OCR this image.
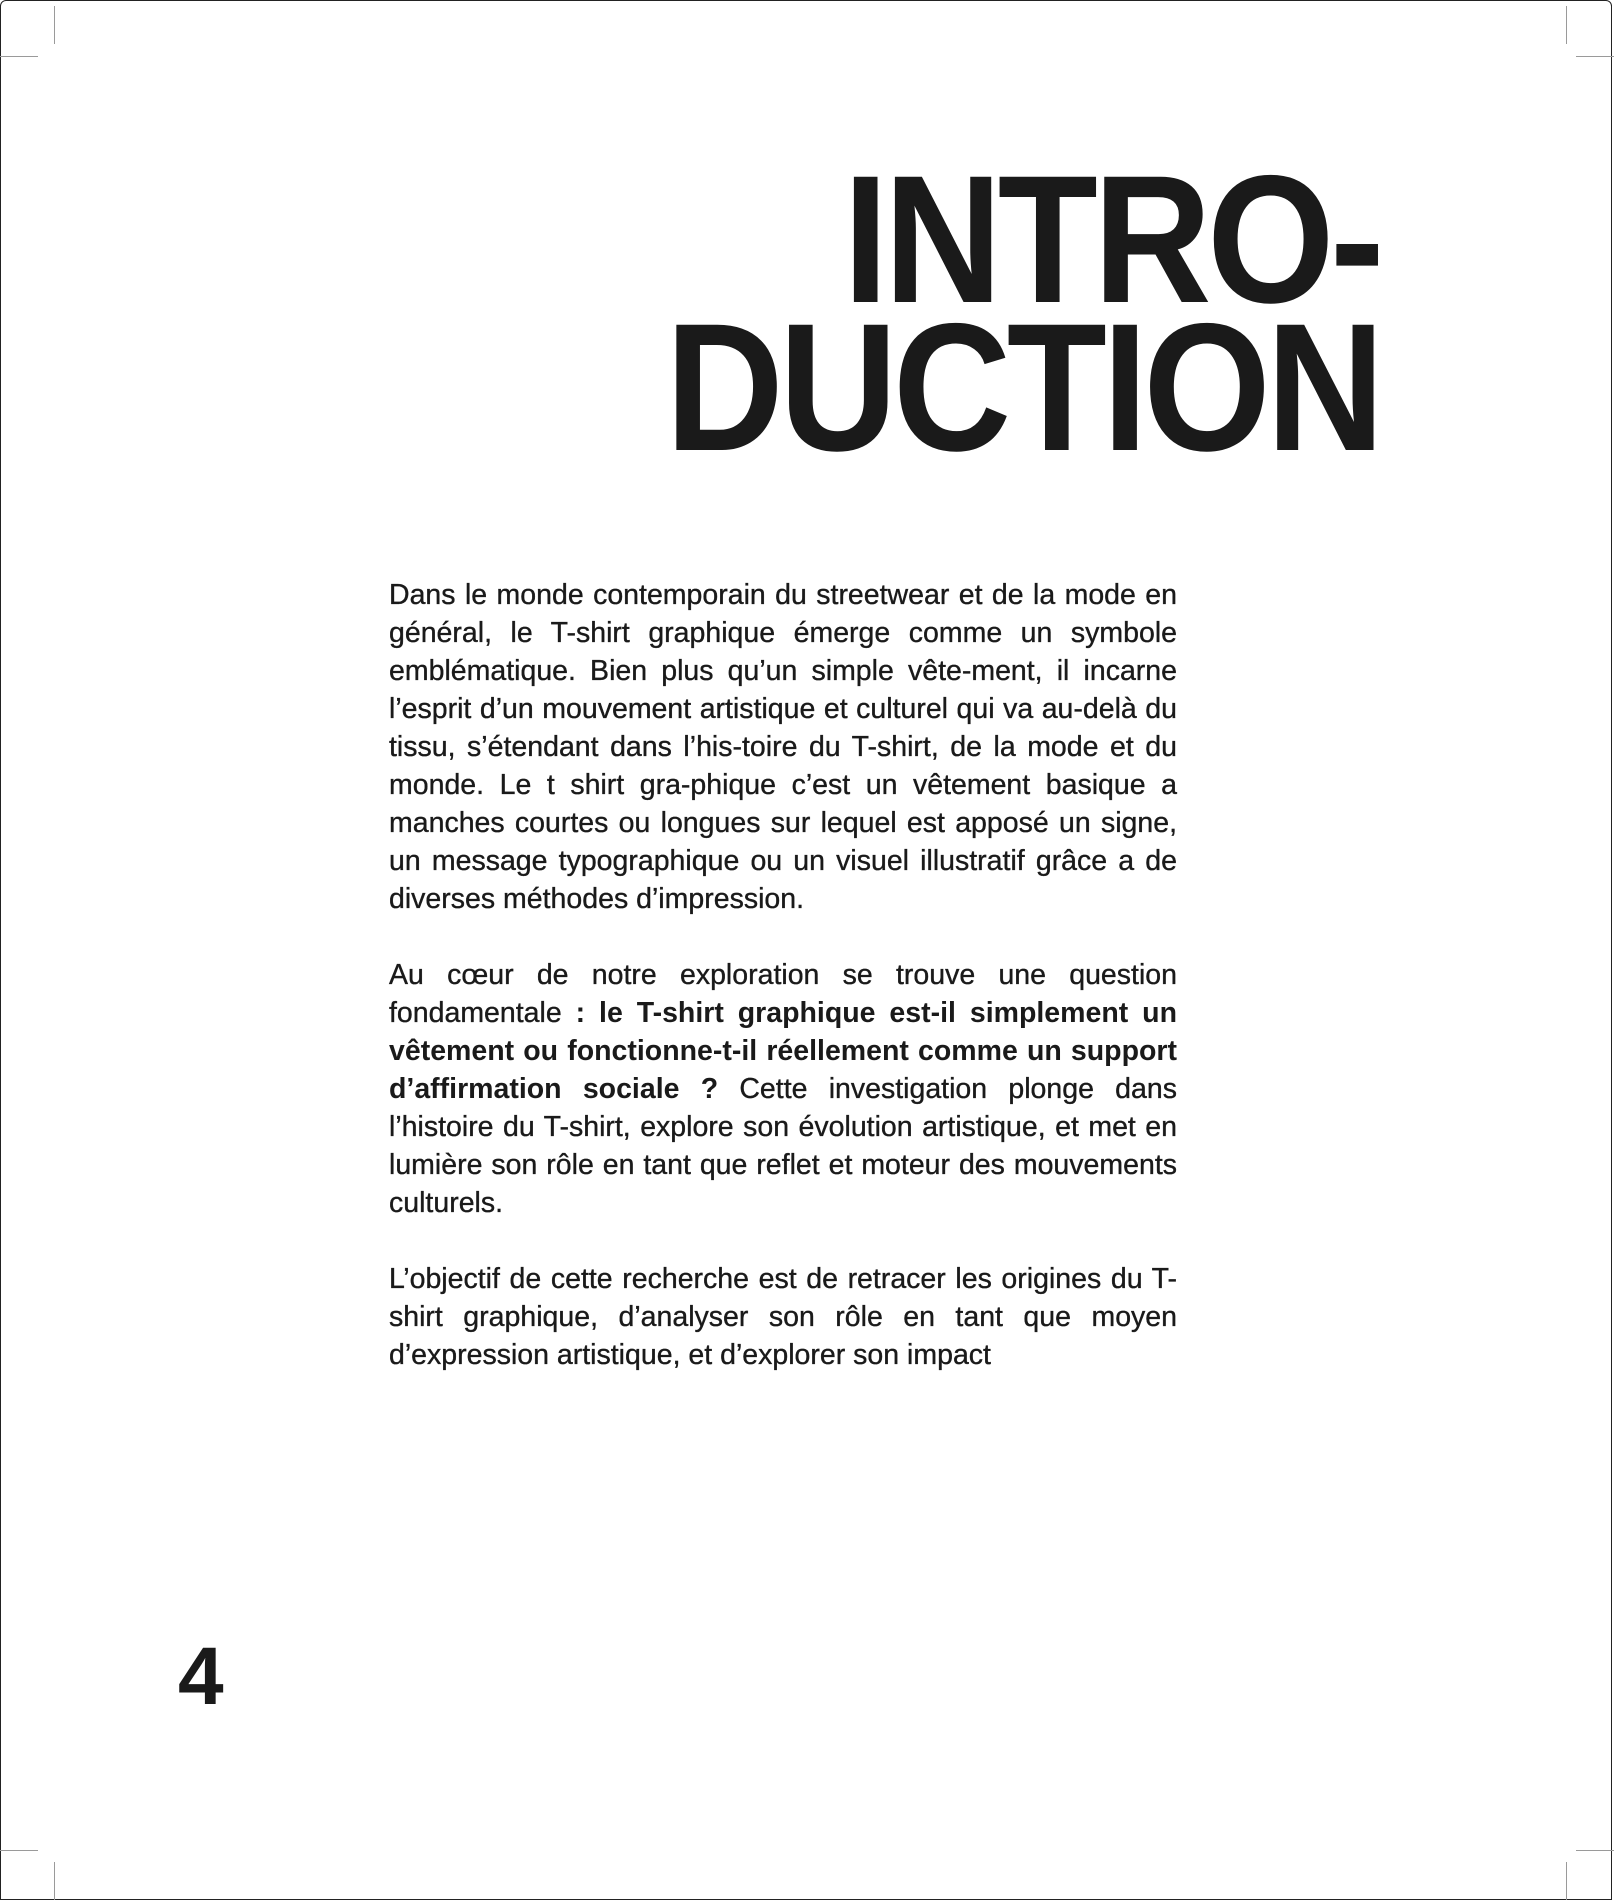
INTRO-
DUCTION

Dans le monde contemporain du streetwear et de la mode en général, le T-shirt graphique émerge comme un symbole emblématique. Bien plus qu’un simple vête-ment, il incarne l’esprit d’un mouvement artistique et culturel qui va au-delà du tissu, s’étendant dans l’his-toire du T-shirt, de la mode et du monde. Le t shirt gra-phique c’est un vêtement basique a manches courtes ou longues sur lequel est apposé un signe, un message typographique ou un visuel illustratif grâce a de diverses méthodes d’impression.

Au cœur de notre exploration se trouve une question fondamentale : le T-shirt graphique est-il simplement un vêtement ou fonctionne-t-il réellement comme un support d’affirmation sociale ? Cette investigation plonge dans l’histoire du T-shirt, explore son évolution artistique, et met en lumière son rôle en tant que reflet et moteur des mouvements culturels.

L’objectif de cette recherche est de retracer les origines du T-shirt graphique, d’analyser son rôle en tant que moyen d’expression artistique, et d’explorer son impact

4
